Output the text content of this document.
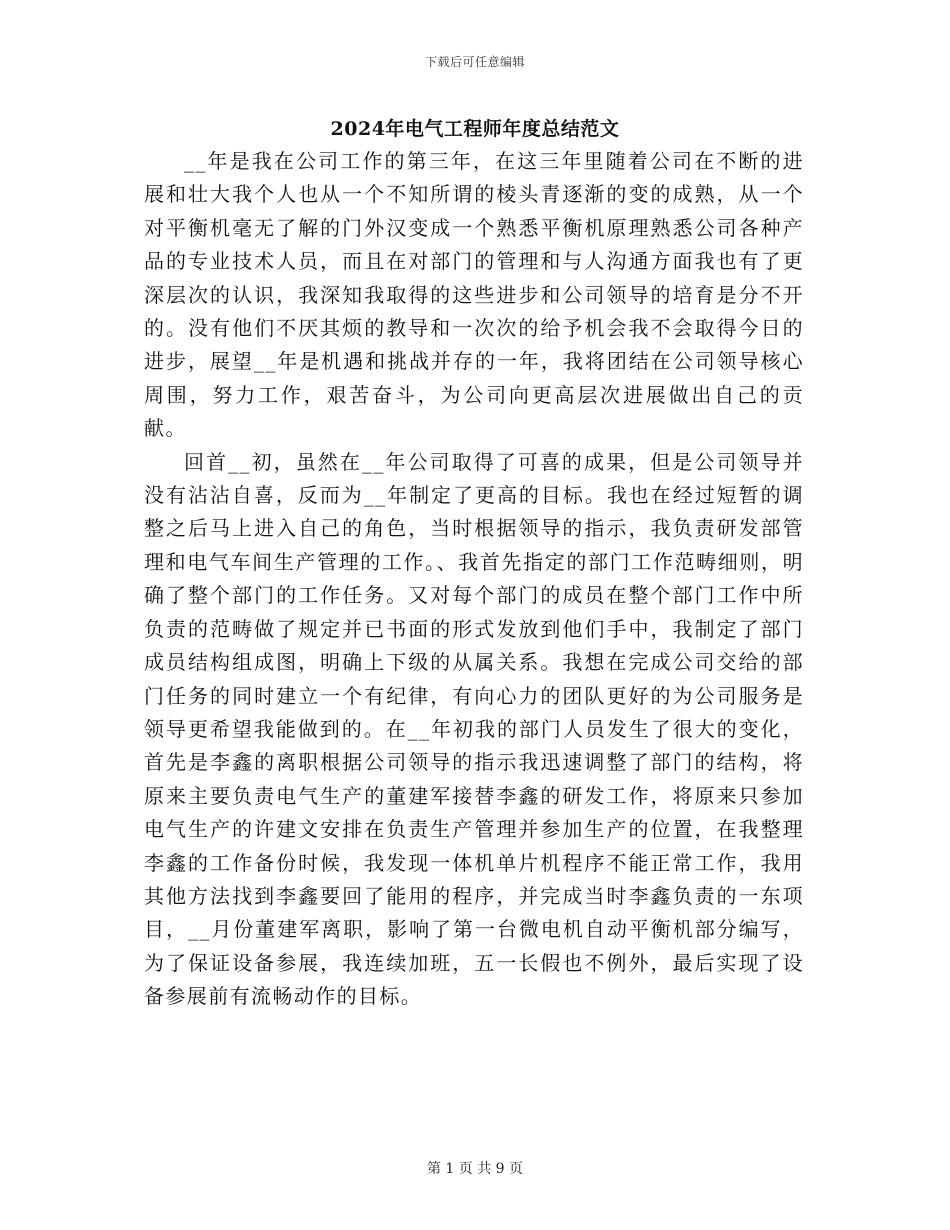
下载后可任意编辑
2024年电气工程师年度总结范文

__年是我在公司工作的第三年，在这三年里随着公司在不断的进展和壮大我个人也从一个不知所谓的棱头青逐渐的变的成熟，从一个对平衡机毫无了解的门外汉变成一个熟悉平衡机原理熟悉公司各种产品的专业技术人员，而且在对部门的管理和与人沟通方面我也有了更深层次的认识，我深知我取得的这些进步和公司领导的培育是分不开的。没有他们不厌其烦的教导和一次次的给予机会我不会取得今日的进步，展望__年是机遇和挑战并存的一年，我将团结在公司领导核心周围，努力工作，艰苦奋斗，为公司向更高层次进展做出自己的贡献。

回首__初，虽然在__年公司取得了可喜的成果，但是公司领导并没有沾沾自喜，反而为__年制定了更高的目标。我也在经过短暂的调整之后马上进入自己的角色，当时根据领导的指示，我负责研发部管理和电气车间生产管理的工作。、我首先指定的部门工作范畴细则，明确了整个部门的工作任务。又对每个部门的成员在整个部门工作中所负责的范畴做了规定并已书面的形式发放到他们手中，我制定了部门成员结构组成图，明确上下级的从属关系。我想在完成公司交给的部门任务的同时建立一个有纪律，有向心力的团队更好的为公司服务是领导更希望我能做到的。在__年初我的部门人员发生了很大的变化，首先是李鑫的离职根据公司领导的指示我迅速调整了部门的结构，将原来主要负责电气生产的董建军接替李鑫的研发工作，将原来只参加电气生产的许建文安排在负责生产管理并参加生产的位置，在我整理李鑫的工作备份时候，我发现一体机单片机程序不能正常工作，我用其他方法找到李鑫要回了能用的程序，并完成当时李鑫负责的一东项目，__月份董建军离职，影响了第一台微电机自动平衡机部分编写，为了保证设备参展，我连续加班，五一长假也不例外，最后实现了设备参展前有流畅动作的目标。

第 1 页 共 9 页
